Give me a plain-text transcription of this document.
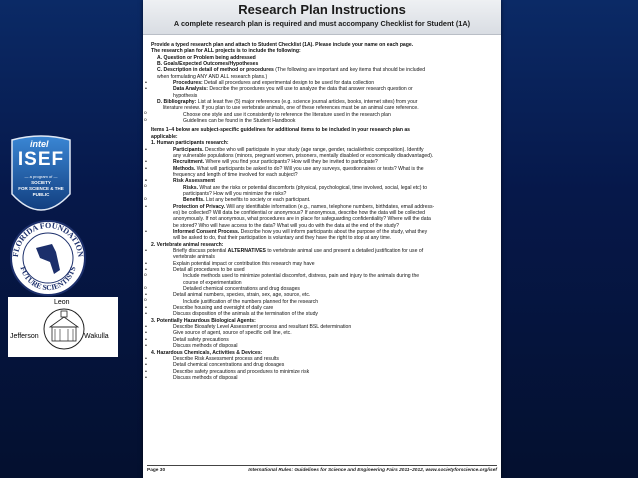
intel
ISEF
— a program of —
SOCIETY
FOR SCIENCE & THE
PUBLIC
FLORIDA FOUNDATION
FUTURE SCIENTISTS
Leon
Jefferson	Wakulla
Research Plan Instructions
A complete research plan is required and must accompany Checklist for Student (1A)
Provide a typed research plan and attach to Student Checklist (1A). Please include your name on each page.
The research plan for ALL projects is to include the following:
A. Question or Problem being addressed
B. Goals/Expected Outcomes/Hypotheses
C. Description in detail of method or procedures (The following are important and key items that should be included
when formulating ANY AND ALL research plans.)
• Procedures: Detail all procedures and experimental design to be used for data collection
• Data Analysis: Describe the procedures you will use to analyze the data that answer research question or
hypothesis
D. Bibliography: List at least five (5) major references (e.g. science journal articles, books, internet sites) from your
literature review. If you plan to use vertebrate animals, one of these references must be an animal care reference.
o Choose one style and use it consistently to reference the literature used in the research plan
o Guidelines can be found in the Student Handbook
Items 1–4 below are subject-specific guidelines for additional items to be included in your research plan as
applicable:
1. Human participants research:
• Participants. Describe who will participate in your study (age range, gender, racial/ethnic composition). Identify
any vulnerable populations (minors, pregnant women, prisoners, mentally disabled or economically disadvantaged).
• Recruitment. Where will you find your participants? How will they be invited to participate?
• Methods. What will participants be asked to do? Will you use any surveys, questionnaires or tests? What is the
frequency and length of time involved for each subject?
• Risk Assessment
o Risks. What are the risks or potential discomforts (physical, psychological, time involved, social, legal etc) to
participants? How will you minimize the risks?
o Benefits. List any benefits to society or each participant.
• Protection of Privacy. Will any identifiable information (e.g., names, telephone numbers, birthdates, email address-
es) be collected? Will data be confidential or anonymous? If anonymous, describe how the data will be collected
anonymously. If not anonymous, what procedures are in place for safeguarding confidentiality? Where will the data
be stored? Who will have access to the data? What will you do with the data at the end of the study?
• Informed Consent Process. Describe how you will inform participants about the purpose of the study, what they
will be asked to do, that their participation is voluntary and they have the right to stop at any time.
2. Vertebrate animal research:
• Briefly discuss potential ALTERNATIVES to vertebrate animal use and present a detailed justification for use of
vertebrate animals
• Explain potential impact or contribution this research may have
• Detail all procedures to be used
o Include methods used to minimize potential discomfort, distress, pain and injury to the animals during the
course of experimentation
o Detailed chemical concentrations and drug dosages
• Detail animal numbers, species, strain, sex, age, source, etc.
o Include justification of the numbers planned for the research
• Describe housing and oversight of daily care
• Discuss disposition of the animals at the termination of the study
3. Potentially Hazardous Biological Agents:
• Describe Biosafety Level Assessment process and resultant BSL determination
• Give source of agent, source of specific cell line, etc.
• Detail safety precautions
• Discuss methods of disposal
4. Hazardous Chemicals, Activities & Devices:
• Describe Risk Assessment process and results
• Detail chemical concentrations and drug dosages
• Describe safety precautions and procedures to minimize risk
• Discuss methods of disposal
Page 30	International Rules: Guidelines for Science and Engineering Fairs 2011–2012, www.societyforscience.org/isef
